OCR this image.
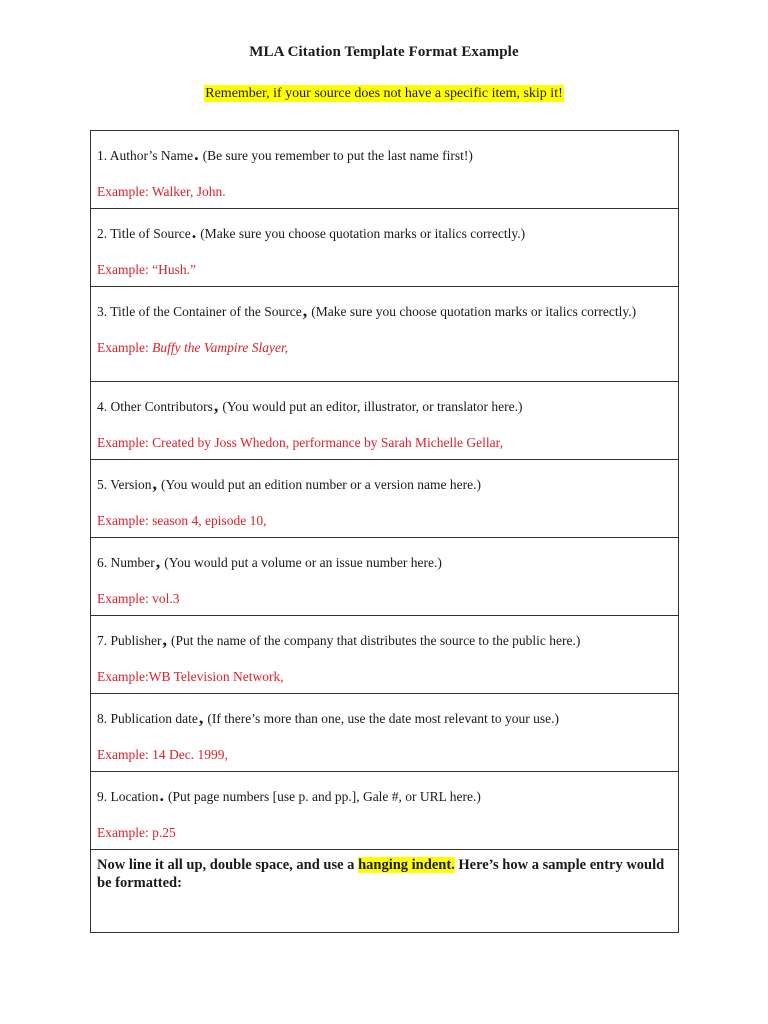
MLA Citation Template Format Example
Remember, if your source does not have a specific item, skip it!
1. Author’s Name. (Be sure you remember to put the last name first!)
Example: Walker, John.

2. Title of Source. (Make sure you choose quotation marks or italics correctly.)
Example: “Hush.”

3. Title of the Container of the Source, (Make sure you choose quotation marks or italics correctly.)
Example: Buffy the Vampire Slayer,

4. Other Contributors, (You would put an editor, illustrator, or translator here.)
Example: Created by Joss Whedon, performance by Sarah Michelle Gellar,

5. Version, (You would put an edition number or a version name here.)
Example: season 4, episode 10,

6. Number, (You would put a volume or an issue number here.)
Example: vol.3

7. Publisher, (Put the name of the company that distributes the source to the public here.)
Example:WB Television Network,

8. Publication date, (If there’s more than one, use the date most relevant to your use.)
Example: 14 Dec. 1999,

9. Location. (Put page numbers [use p. and pp.], Gale #, or URL here.)
Example: p.25

Now line it all up, double space, and use a hanging indent. Here’s how a sample entry would be formatted:
